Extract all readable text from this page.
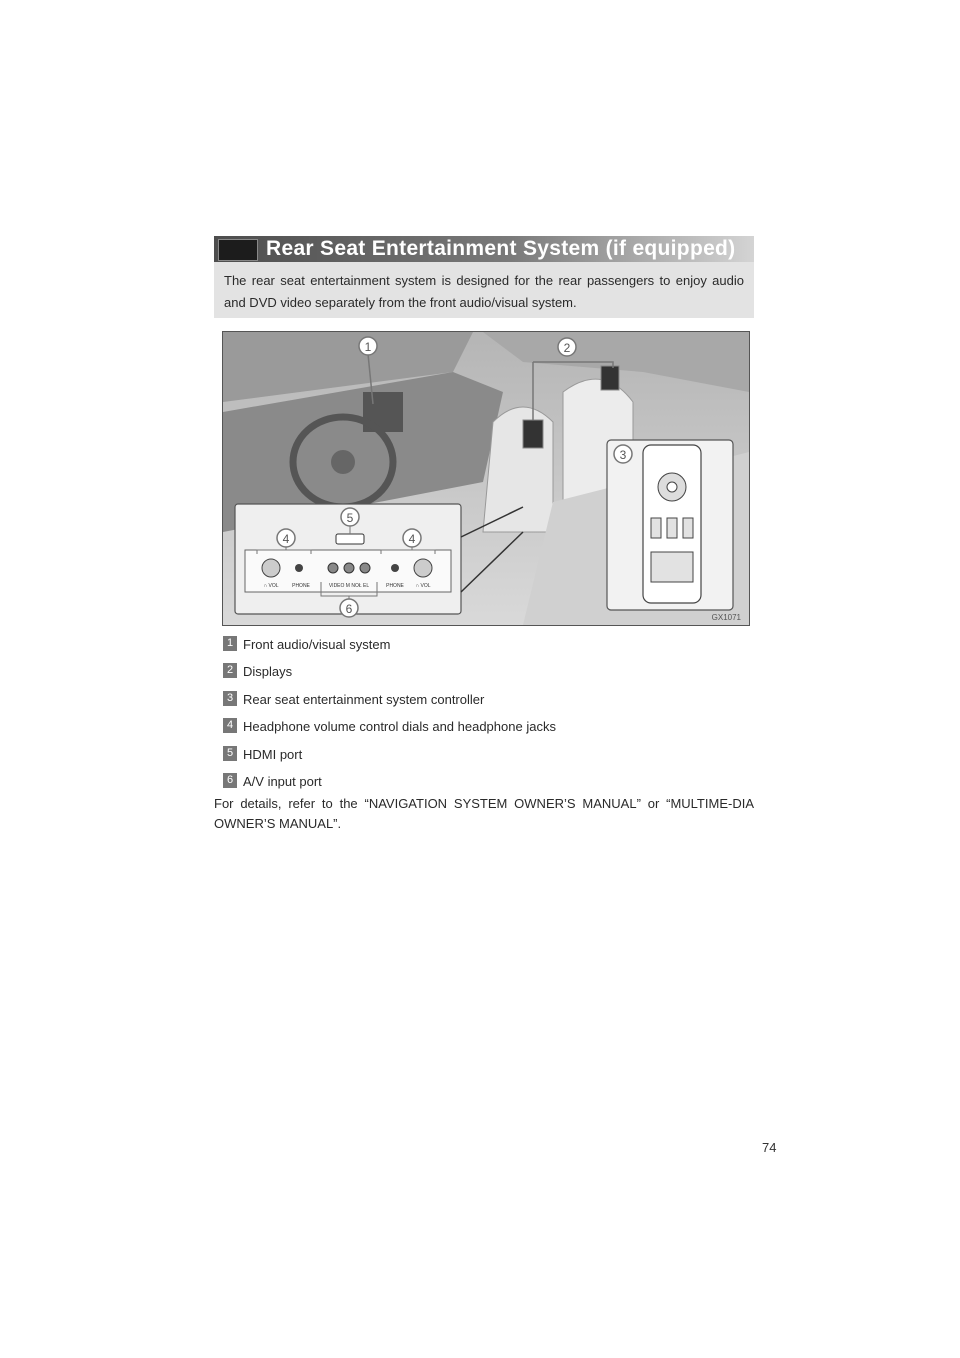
Rear Seat Entertainment System (if equipped)
The rear seat entertainment system is designed for the rear passengers to enjoy audio and DVD video separately from the front audio/visual system.
1	2
3
∩ VOL	PHONE	VIDEO M NOŁ EL	PHONE ∩ VOL
4
5
4
6
GX1071
1 Front audio/visual system
2 Displays
3 Rear seat entertainment system controller
4 Headphone volume control dials and headphone jacks
5 HDMI port
6 A/V input port
For details, refer to the “NAVIGATION SYSTEM OWNER’S MANUAL” or “MULTIME-DIA OWNER’S MANUAL”.
74
